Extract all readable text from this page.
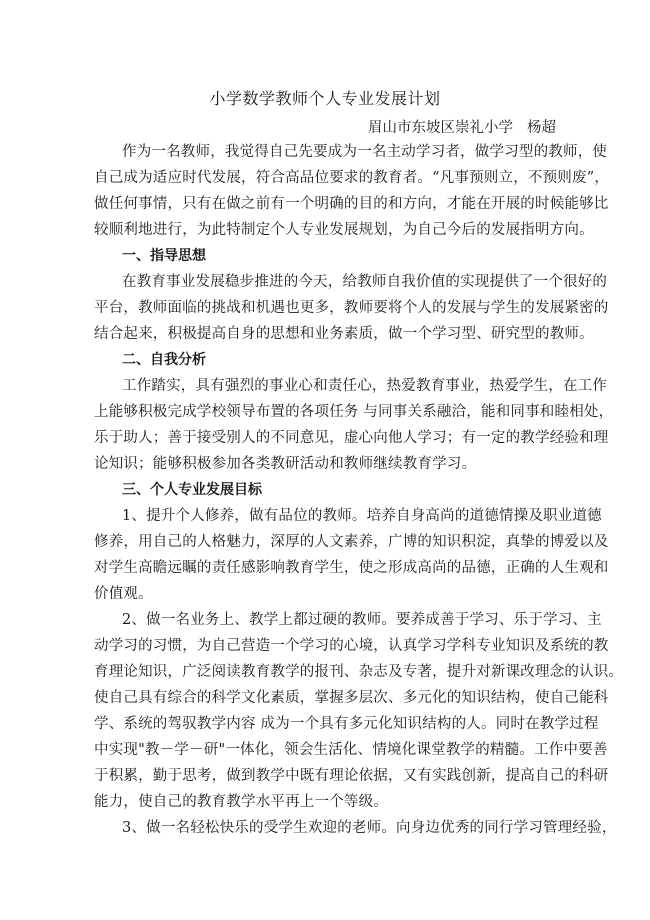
小学数学教师个人专业发展计划
眉山市东坡区崇礼小学 杨超
作为一名教师，我觉得自己先要成为一名主动学习者，做学习型的教师，使
自己成为适应时代发展，符合高品位要求的教育者。“凡事预则立，不预则废”，
做任何事情，只有在做之前有一个明确的目的和方向，才能在开展的时候能够比
较顺利地进行，为此特制定个人专业发展规划，为自己今后的发展指明方向。
一、指导思想
在教育事业发展稳步推进的今天，给教师自我价值的实现提供了一个很好的
平台，教师面临的挑战和机遇也更多，教师要将个人的发展与学生的发展紧密的
结合起来，积极提高自身的思想和业务素质，做一个学习型、研究型的教师。
二、自我分析
工作踏实，具有强烈的事业心和责任心，热爱教育事业，热爱学生，在工作
上能够积极完成学校领导布置的各项任务 与同事关系融洽，能和同事和睦相处，
乐于助人；善于接受别人的不同意见，虚心向他人学习；有一定的教学经验和理
论知识；能够积极参加各类教研活动和教师继续教育学习。
三、个人专业发展目标
1、提升个人修养，做有品位的教师。培养自身高尚的道德情操及职业道德
修养，用自己的人格魅力，深厚的人文素养，广博的知识积淀，真挚的博爱以及
对学生高瞻远瞩的责任感影响教育学生，使之形成高尚的品德，正确的人生观和
价值观。
2、做一名业务上、教学上都过硬的教师。要养成善于学习、乐于学习、主
动学习的习惯，为自己营造一个学习的心境，认真学习学科专业知识及系统的教
育理论知识，广泛阅读教育教学的报刊、杂志及专著，提升对新课改理念的认识。
使自己具有综合的科学文化素质，掌握多层次、多元化的知识结构，使自己能科
学、系统的驾驭教学内容 成为一个具有多元化知识结构的人。同时在教学过程
中实现"教－学－研"一体化，领会生活化、情境化课堂教学的精髓。工作中要善
于积累，勤于思考，做到教学中既有理论依据，又有实践创新，提高自己的科研
能力，使自己的教育教学水平再上一个等级。
3、做一名轻松快乐的受学生欢迎的老师。向身边优秀的同行学习管理经验，
